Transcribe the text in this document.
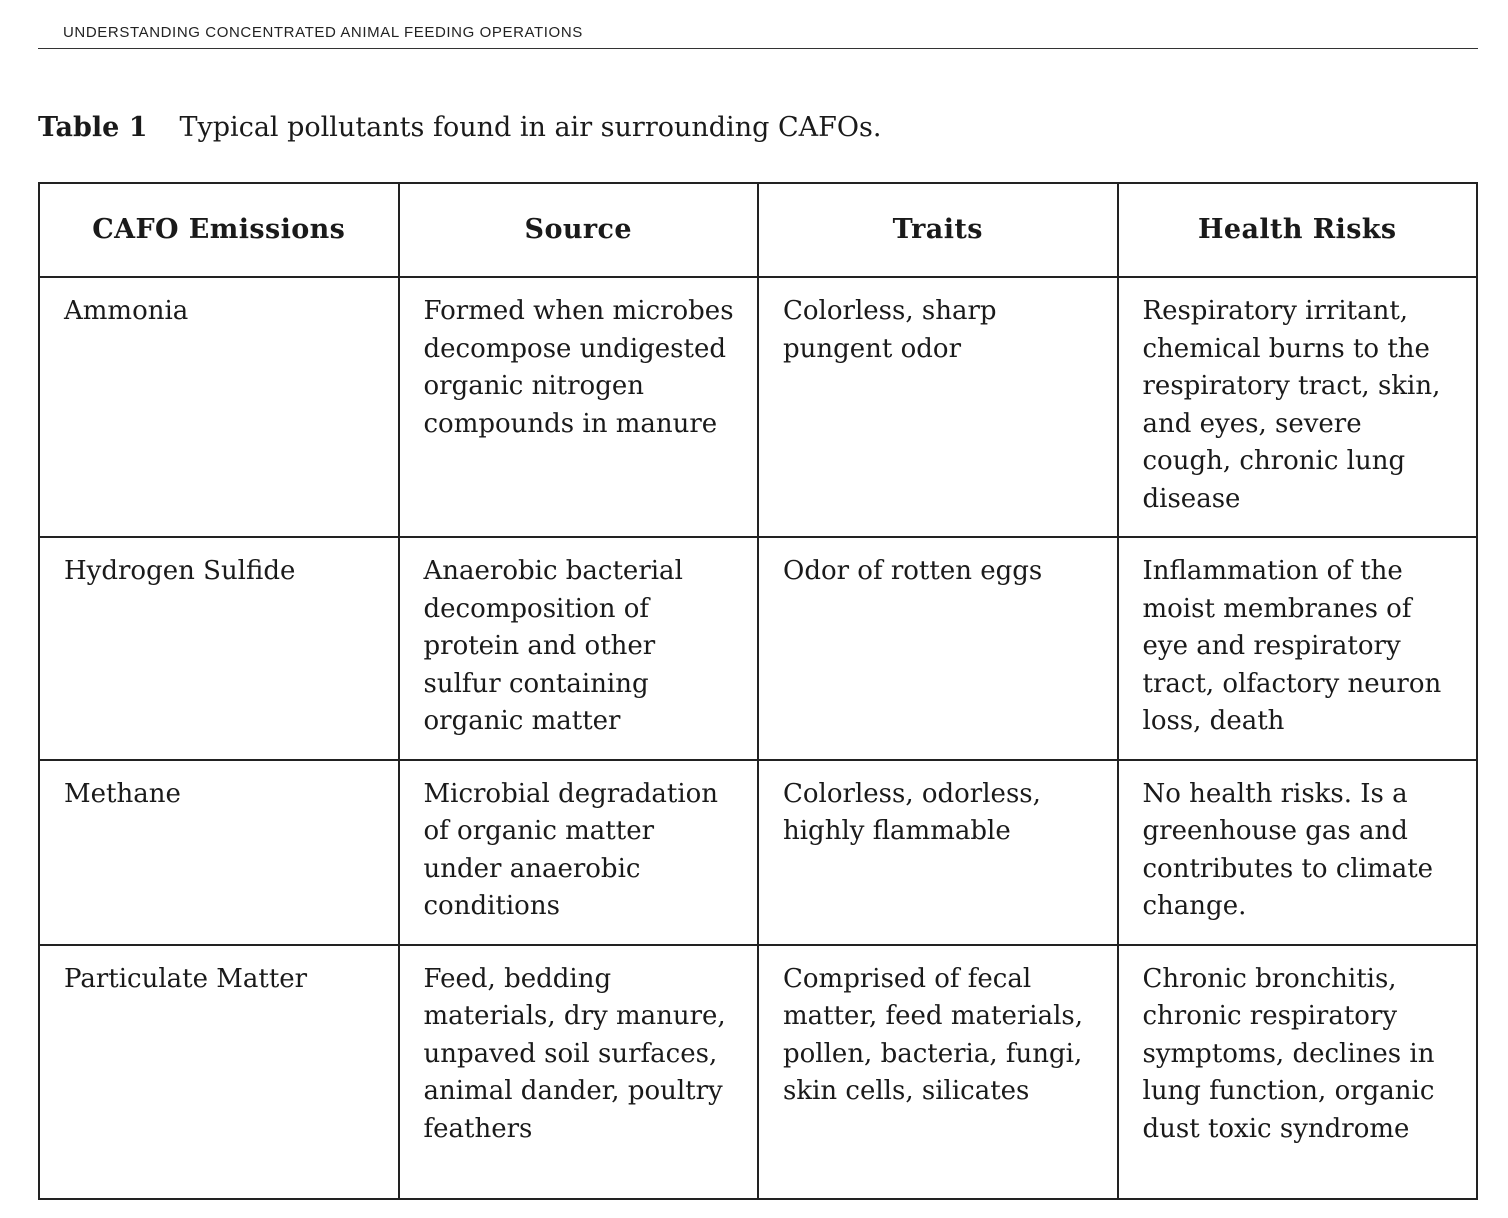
UNDERSTANDING CONCENTRATED ANIMAL FEEDING OPERATIONS
Table 1 Typical pollutants found in air surrounding CAFOs.
CAFO Emissions	Source	Traits	Health Risks
Ammonia	Formed when microbes decompose undigested organic nitrogen compounds in manure	Colorless, sharp pungent odor	Respiratory irritant, chemical burns to the respiratory tract, skin, and eyes, severe cough, chronic lung disease
Hydrogen Sulfide	Anaerobic bacterial decomposition of protein and other sulfur containing organic matter	Odor of rotten eggs	Inflammation of the moist membranes of eye and respiratory tract, olfactory neuron loss, death
Methane	Microbial degradation of organic matter under anaerobic conditions	Colorless, odorless, highly flammable	No health risks. Is a greenhouse gas and contributes to climate change.
Particulate Matter	Feed, bedding materials, dry manure, unpaved soil surfaces, animal dander, poultry feathers	Comprised of fecal matter, feed materials, pollen, bacteria, fungi, skin cells, silicates	Chronic bronchitis, chronic respiratory symptoms, declines in lung function, organic dust toxic syndrome
